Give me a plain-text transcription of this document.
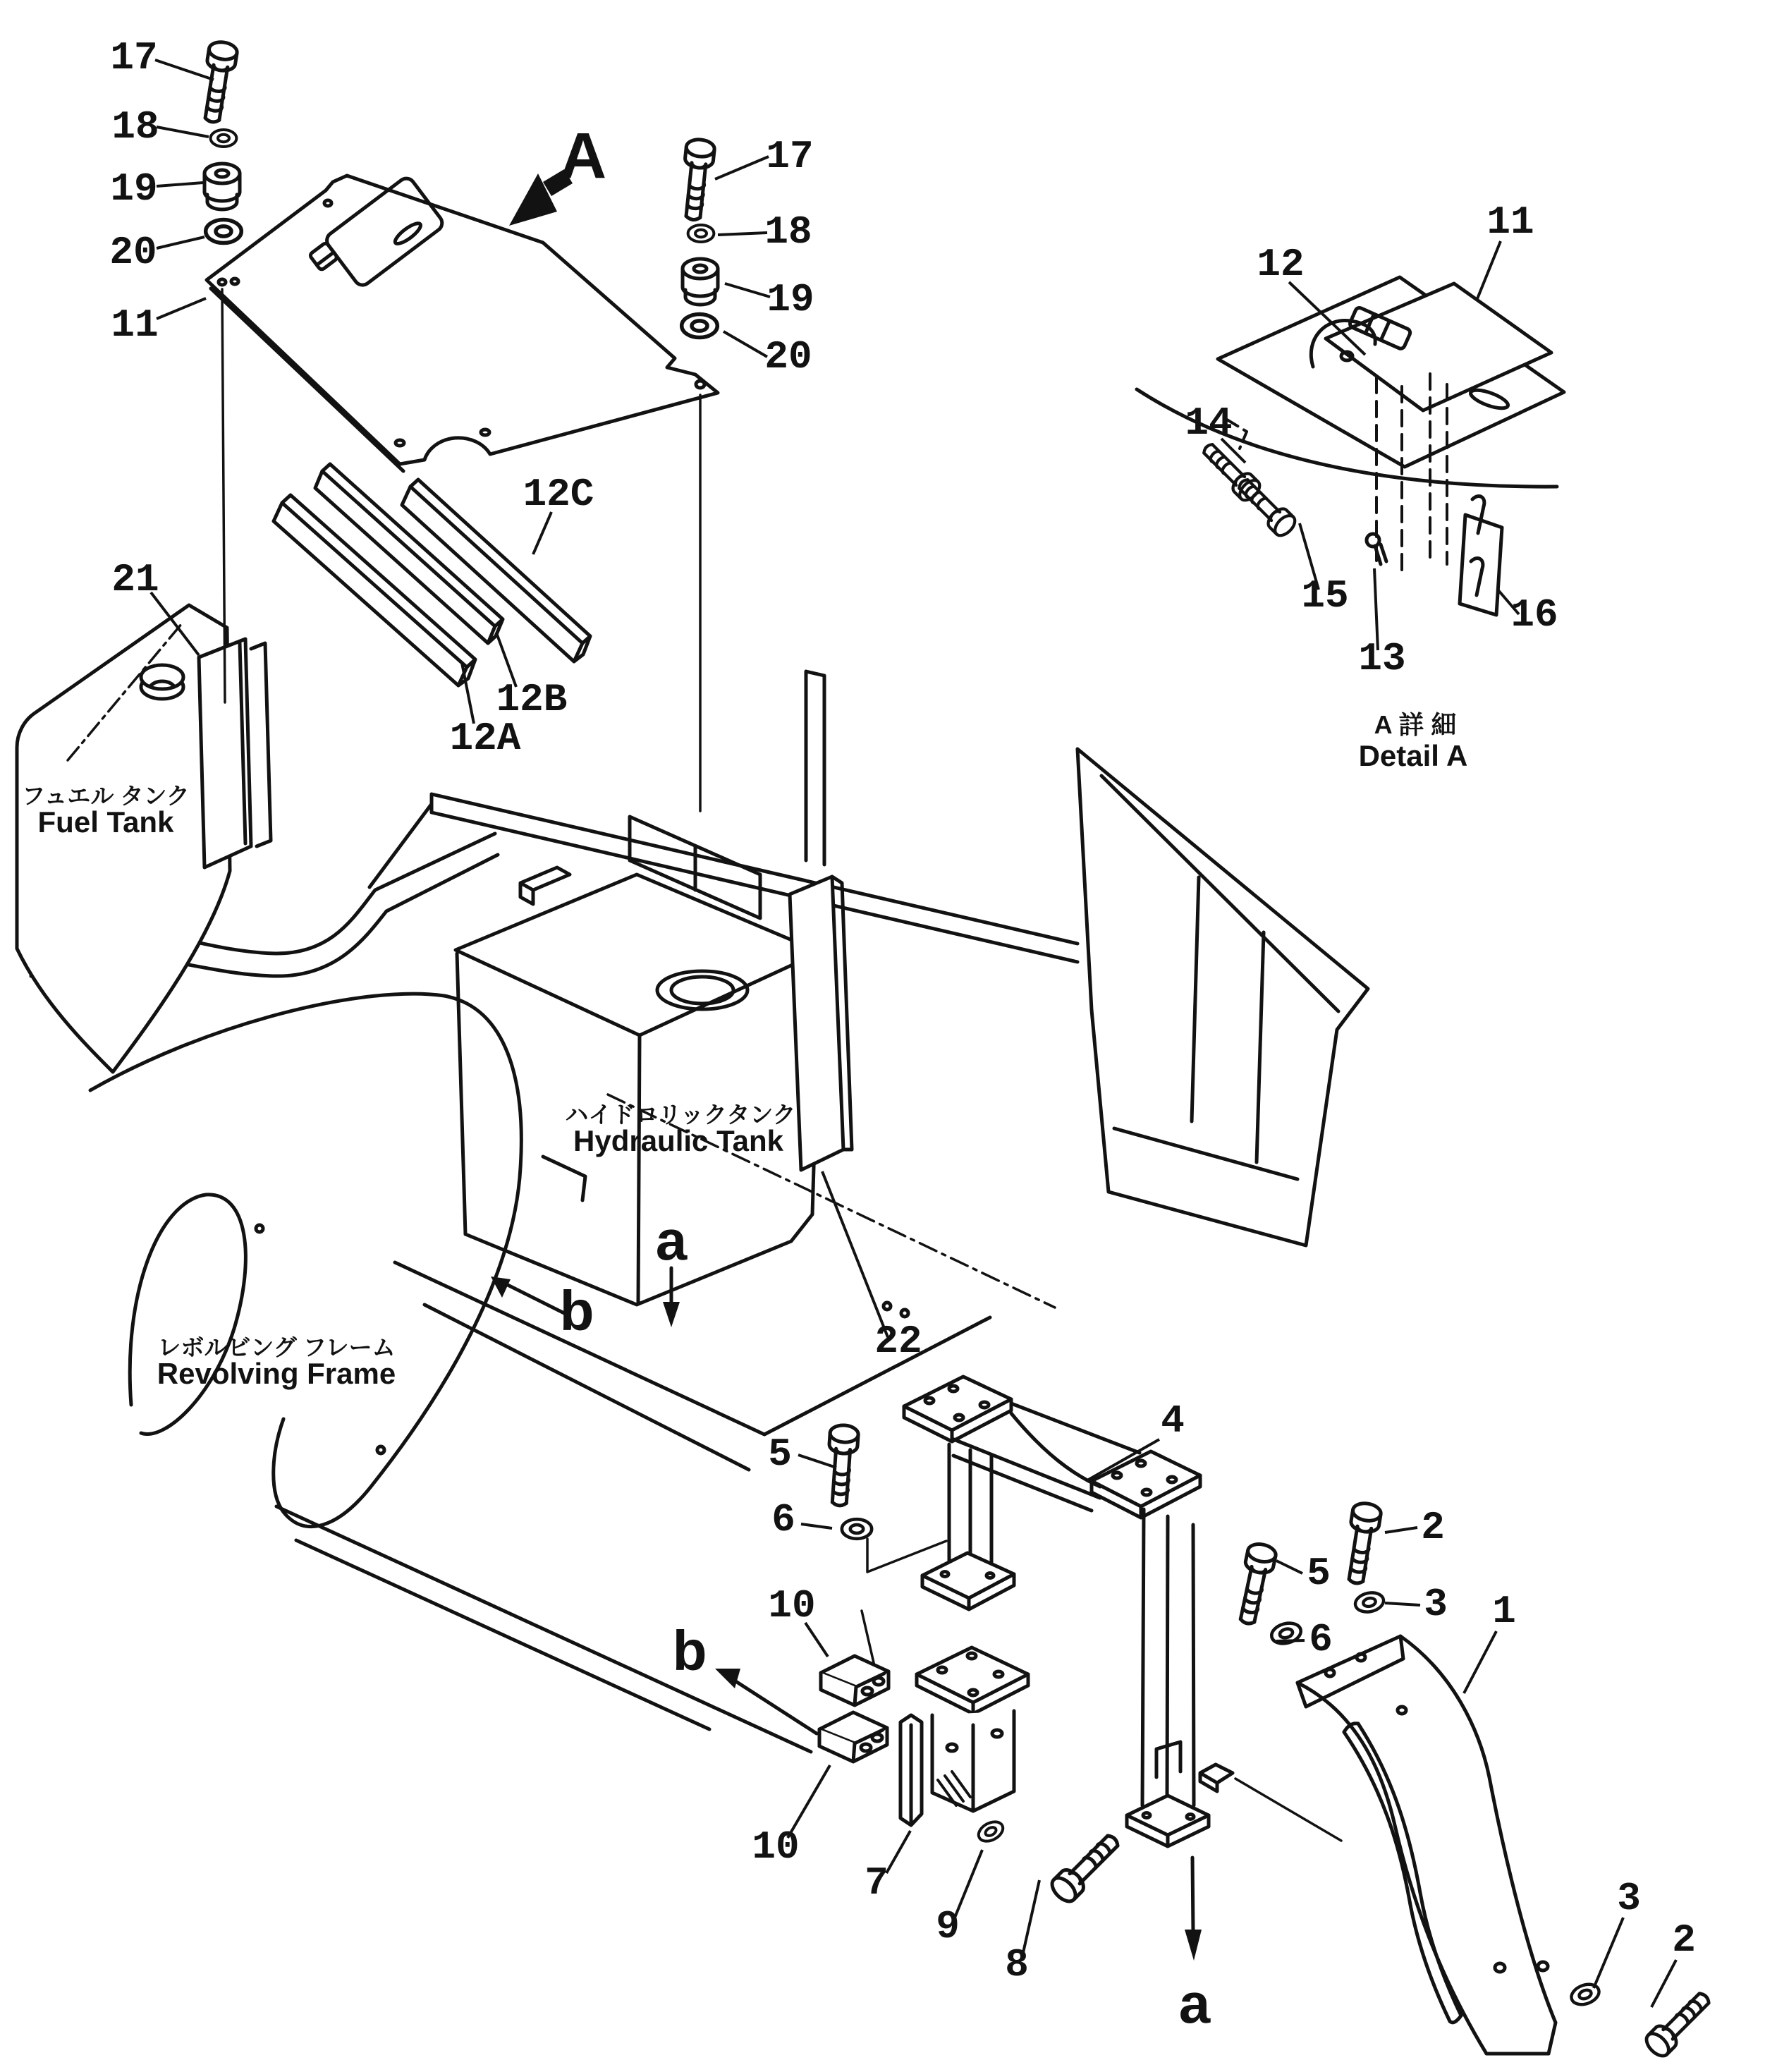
17
18
19
20
11
17
18
19
20
12C
12B
12A
21
11
12
14
15
13
16
22
4
5
6
10
10
7
9
8
5
6
2
3 1
3
2
A
a
b
a
b
フュエル タンク
Fuel Tank
ハイドロリックタンク
Hydraulic Tank
レボルビング フレーム
Revolving Frame
A 詳 細
Detail A
